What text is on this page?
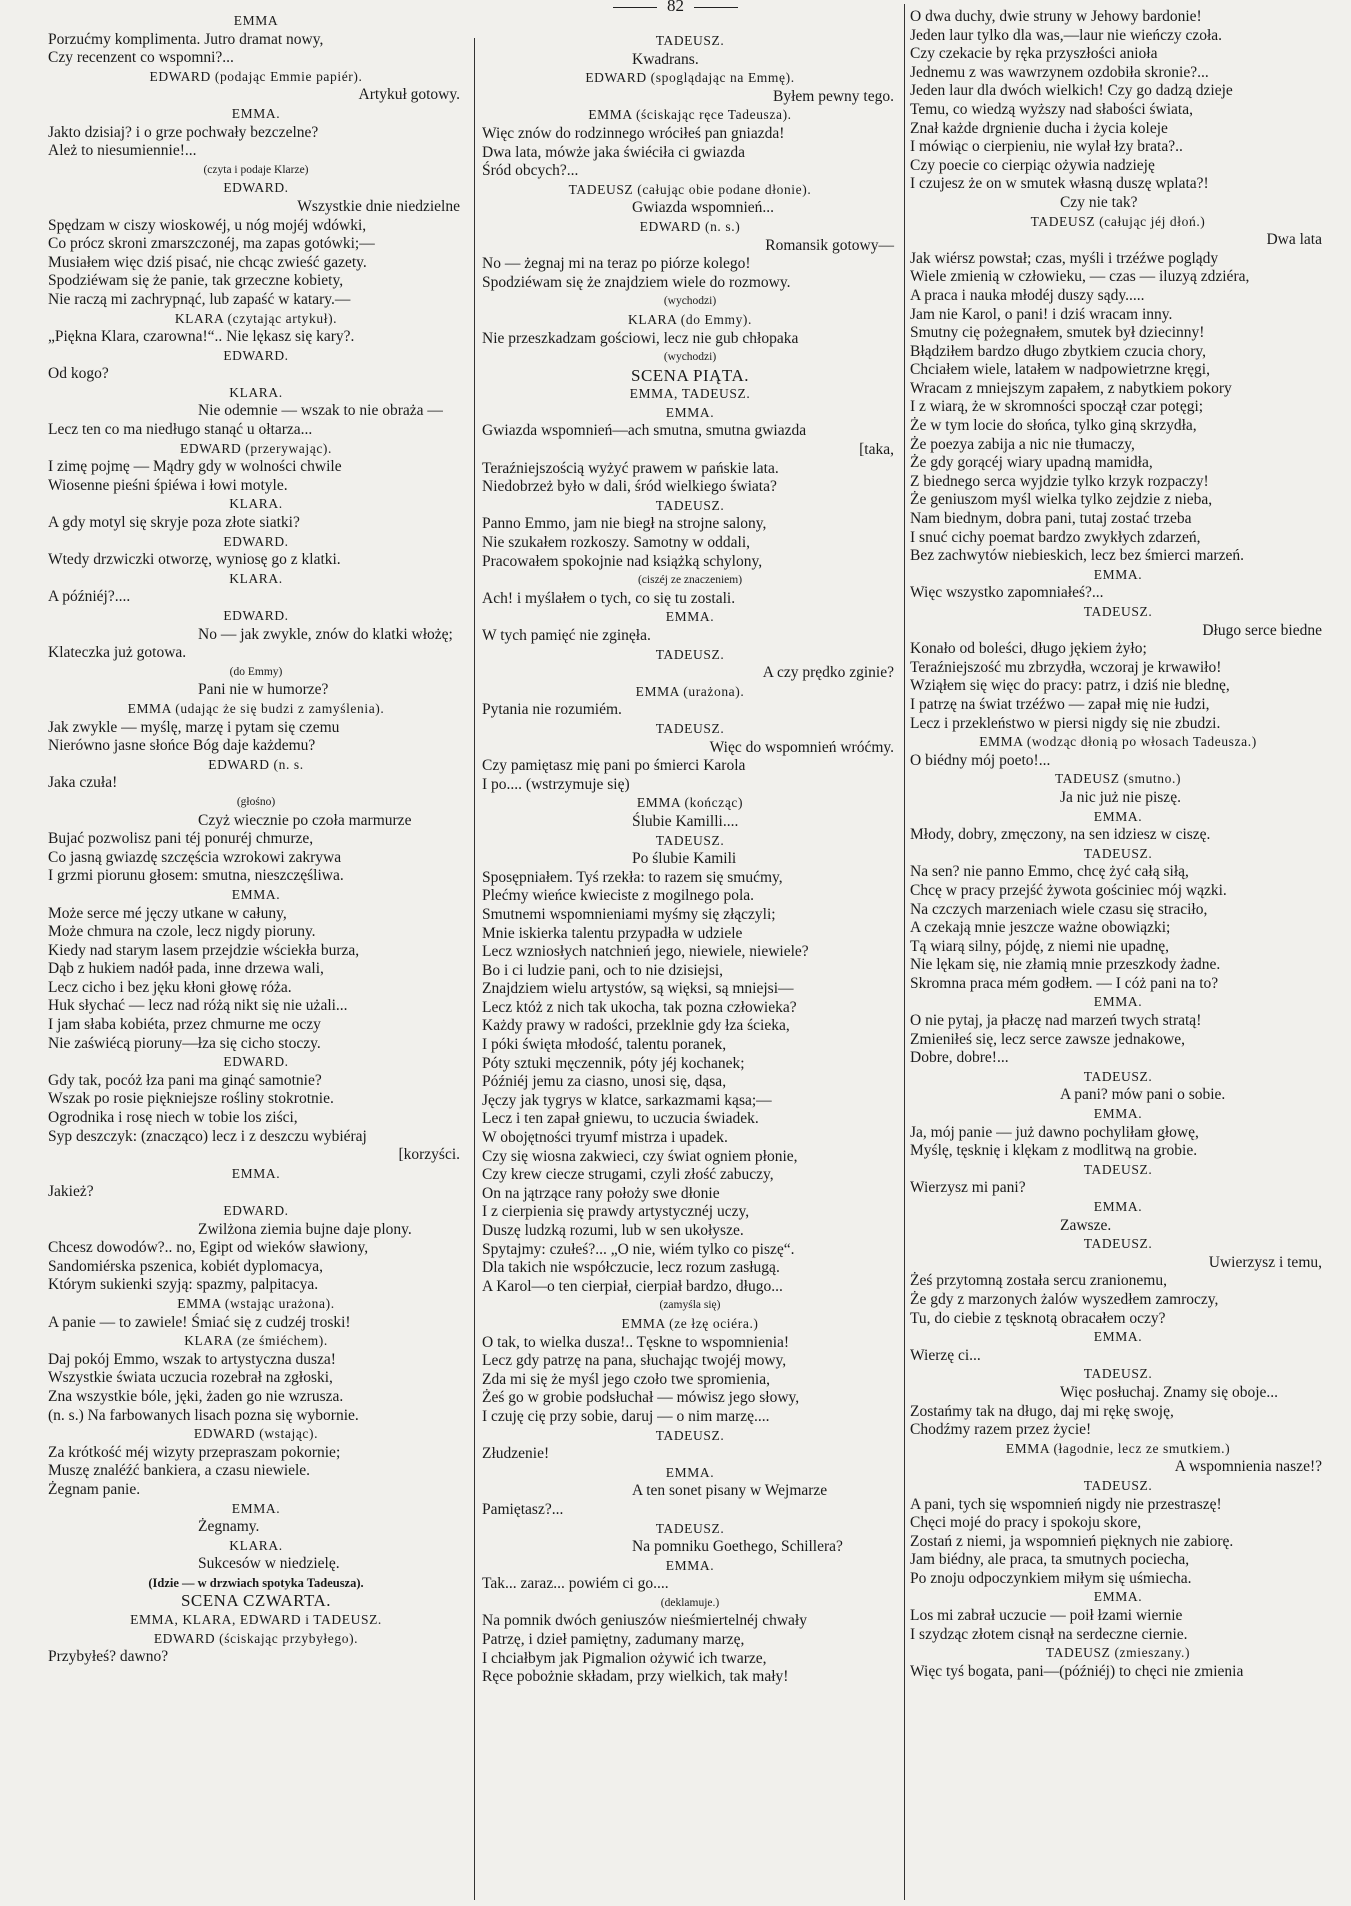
82
EMMA
Porzućmy komplimenta. Jutro dramat nowy,
Czy recenzent co wspomni?...
EDWARD (podając Emmie papiér).
Artykuł gotowy.
EMMA.
Jakto dzisiaj? i o grze pochwały bezczelne?
Ależ to niesumiennie!...
(czyta i podaje Klarze)
EDWARD.
Wszystkie dnie niedzielne
Spędzam w ciszy wioskowéj, u nóg mojéj wdówki,
Co prócz skroni zmarszczonéj, ma zapas gotówki;—
Musiałem więc dziś pisać, nie chcąc zwieść gazety.
Spodziéwam się że panie, tak grzeczne kobiety,
Nie raczą mi zachrypnąć, lub zapaść w katary.—
KLARA (czytając artykuł).
„Piękna Klara, czarowna!“.. Nie lękasz się kary?.
EDWARD.
Od kogo?
KLARA.
Nie odemnie — wszak to nie obraża —
Lecz ten co ma niedługo stanąć u ołtarza...
EDWARD (przerywając).
I zimę pojmę — Mądry gdy w wolności chwile
Wiosenne pieśni śpiéwa i łowi motyle.
KLARA.
A gdy motyl się skryje poza złote siatki?
EDWARD.
Wtedy drzwiczki otworzę, wyniosę go z klatki.
KLARA.
A późniéj?....
EDWARD.
No — jak zwykle, znów do klatki włożę;
Klateczka już gotowa.
(do Emmy)
Pani nie w humorze?
EMMA (udając że się budzi z zamyślenia).
Jak zwykle — myślę, marzę i pytam się czemu
Nierówno jasne słońce Bóg daje każdemu?
EDWARD (n. s.
Jaka czuła!
(głośno)
Czyż wiecznie po czoła marmurze
Bujać pozwolisz pani téj ponuréj chmurze,
Co jasną gwiazdę szczęścia wzrokowi zakrywa
I grzmi piorunu głosem: smutna, nieszczęśliwa.
EMMA.
Może serce mé jęczy utkane w całuny,
Może chmura na czole, lecz nigdy pioruny.
Kiedy nad starym lasem przejdzie wściekła burza,
Dąb z hukiem nadół pada, inne drzewa wali,
Lecz cicho i bez jęku kłoni głowę róża.
Huk słychać — lecz nad różą nikt się nie użali...
I jam słaba kobiéta, przez chmurne me oczy
Nie zaświécą pioruny—łza się cicho stoczy.
EDWARD.
Gdy tak, pocóż łza pani ma ginąć samotnie?
Wszak po rosie piękniejsze rośliny stokrotnie.
Ogrodnika i rosę niech w tobie los ziści,
Syp deszczyk: (znacząco) lecz i z deszczu wybiéraj
[korzyści.
EMMA.
Jakież?
EDWARD.
Zwilżona ziemia bujne daje plony.
Chcesz dowodów?.. no, Egipt od wieków sławiony,
Sandomiérska pszenica, kobiét dyplomacya,
Którym sukienki szyją: spazmy, palpitacya.
EMMA (wstając urażona).
A panie — to zawiele! Śmiać się z cudzéj troski!
KLARA (ze śmiéchem).
Daj pokój Emmo, wszak to artystyczna dusza!
Wszystkie świata uczucia rozebrał na zgłoski,
Zna wszystkie bóle, jęki, żaden go nie wzrusza.
(n. s.) Na farbowanych lisach pozna się wybornie.
EDWARD (wstając).
Za krótkość méj wizyty przepraszam pokornie;
Muszę znaléźć bankiera, a czasu niewiele.
Żegnam panie.
EMMA.
Żegnamy.
KLARA.
Sukcesów w niedzielę.
(Idzie — w drzwiach spotyka Tadeusza).
SCENA CZWARTA.
EMMA, KLARA, EDWARD i TADEUSZ.
EDWARD (ściskając przybyłego).
Przybyłeś? dawno?
TADEUSZ.
Kwadrans.
EDWARD (spoglądając na Emmę).
Byłem pewny tego.
EMMA (ściskając ręce Tadeusza).
Więc znów do rodzinnego wróciłeś pan gniazda!
Dwa lata, mówże jaka świéciła ci gwiazda
Śród obcych?...
TADEUSZ (całując obie podane dłonie).
Gwiazda wspomnień...
EDWARD (n. s.)
Romansik gotowy—
No — żegnaj mi na teraz po piórze kolego!
Spodziéwam się że znajdziem wiele do rozmowy.
(wychodzi)
KLARA (do Emmy).
Nie przeszkadzam gościowi, lecz nie gub chłopaka
(wychodzi)
SCENA PIĄTA.
EMMA, TADEUSZ.
EMMA.
Gwiazda wspomnień—ach smutna, smutna gwiazda
[taka,
Teraźniejszością wyżyć prawem w pańskie lata.
Niedobrzeż było w dali, śród wielkiego świata?
TADEUSZ.
Panno Emmo, jam nie biegł na strojne salony,
Nie szukałem rozkoszy. Samotny w oddali,
Pracowałem spokojnie nad książką schylony,
(ciszéj ze znaczeniem)
Ach! i myślałem o tych, co się tu zostali.
EMMA.
W tych pamięć nie zginęła.
TADEUSZ.
A czy prędko zginie?
EMMA (urażona).
Pytania nie rozumiém.
TADEUSZ.
Więc do wspomnień wróćmy.
Czy pamiętasz mię pani po śmierci Karola
I po.... (wstrzymuje się)
EMMA (kończąc)
Ślubie Kamilli....
TADEUSZ.
Po ślubie Kamili
Sposępniałem. Tyś rzekła: to razem się smućmy,
Plećmy wieńce kwieciste z mogilnego pola.
Smutnemi wspomnieniami myśmy się złączyli;
Mnie iskierka talentu przypadła w udziele
Lecz wzniosłych natchnień jego, niewiele, niewiele?
Bo i ci ludzie pani, och to nie dzisiejsi,
Znajdziem wielu artystów, są więksi, są mniejsi—
Lecz któż z nich tak ukocha, tak pozna człowieka?
Każdy prawy w radości, przeklnie gdy łza ścieka,
I póki święta młodość, talentu poranek,
Póty sztuki męczennik, póty jéj kochanek;
Późniéj jemu za ciasno, unosi się, dąsa,
Jęczy jak tygrys w klatce, sarkazmami kąsa;—
Lecz i ten zapał gniewu, to uczucia świadek.
W obojętności tryumf mistrza i upadek.
Czy się wiosna zakwieci, czy świat ogniem płonie,
Czy krew ciecze strugami, czyli złość zabuczy,
On na jątrzące rany położy swe dłonie
I z cierpienia się prawdy artystycznéj uczy,
Duszę ludzką rozumi, lub w sen ukołysze.
Spytajmy: czułeś?... „O nie, wiém tylko co piszę“.
Dla takich nie współczucie, lecz rozum zasługą.
A Karol—o ten cierpiał, cierpiał bardzo, długo...
(zamyśla się)
EMMA (ze łzę ociéra.)
O tak, to wielka dusza!.. Tęskne to wspomnienia!
Lecz gdy patrzę na pana, słuchając twojéj mowy,
Zda mi się że myśl jego czoło twe spromienia,
Żeś go w grobie podsłuchał — mówisz jego słowy,
I czuję cię przy sobie, daruj — o nim marzę....
TADEUSZ.
Złudzenie!
EMMA.
A ten sonet pisany w Wejmarze
Pamiętasz?...
TADEUSZ.
Na pomniku Goethego, Schillera?
EMMA.
Tak... zaraz... powiém ci go....
(deklamuje.)
Na pomnik dwóch geniuszów nieśmiertelnéj chwały
Patrzę, i dzieł pamiętny, zadumany marzę,
I chciałbym jak Pigmalion ożywić ich twarze,
Ręce pobożnie składam, przy wielkich, tak mały!
O dwa duchy, dwie struny w Jehowy bardonie!
Jeden laur tylko dla was,—laur nie wieńczy czoła.
Czy czekacie by ręka przyszłości anioła
Jednemu z was wawrzynem ozdobiła skronie?...
Jeden laur dla dwóch wielkich! Czy go dadzą dzieje
Temu, co wiedzą wyższy nad słabości świata,
Znał każde drgnienie ducha i życia koleje
I mówiąc o cierpieniu, nie wylał łzy brata?..
Czy poecie co cierpiąc ożywia nadzieję
I czujesz że on w smutek własną duszę wplata?!
Czy nie tak?
TADEUSZ (całując jéj dłoń.)
Dwa lata
Jak wiérsz powstał; czas, myśli i trzéźwe poglądy
Wiele zmienią w człowieku, — czas — iluzyą zdziéra,
A praca i nauka młodéj duszy sądy.....
Jam nie Karol, o pani! i dziś wracam inny.
Smutny cię pożegnałem, smutek był dziecinny!
Błądziłem bardzo długo zbytkiem czucia chory,
Chciałem wiele, latałem w nadpowietrzne kręgi,
Wracam z mniejszym zapałem, z nabytkiem pokory
I z wiarą, że w skromności spoczął czar potęgi;
Że w tym locie do słońca, tylko giną skrzydła,
Że poezya zabija a nic nie tłumaczy,
Że gdy gorącéj wiary upadną mamidła,
Z biednego serca wyjdzie tylko krzyk rozpaczy!
Że geniuszom myśl wielka tylko zejdzie z nieba,
Nam biednym, dobra pani, tutaj zostać trzeba
I snuć cichy poemat bardzo zwykłych zdarzeń,
Bez zachwytów niebieskich, lecz bez śmierci marzeń.
EMMA.
Więc wszystko zapomniałeś?...
TADEUSZ.
Długo serce biedne
Konało od boleści, długo jękiem żyło;
Teraźniejszość mu zbrzydła, wczoraj je krwawiło!
Wziąłem się więc do pracy: patrz, i dziś nie blednę,
I patrzę na świat trzéźwo — zapał mię nie łudzi,
Lecz i przekleństwo w piersi nigdy się nie zbudzi.
EMMA (wodząc dłonią po włosach Tadeusza.)
O biédny mój poeto!...
TADEUSZ (smutno.)
Ja nic już nie piszę.
EMMA.
Młody, dobry, zmęczony, na sen idziesz w ciszę.
TADEUSZ.
Na sen? nie panno Emmo, chcę żyć całą siłą,
Chcę w pracy przejść żywota gościniec mój wązki.
Na czczych marzeniach wiele czasu się straciło,
A czekają mnie jeszcze ważne obowiązki;
Tą wiarą silny, pójdę, z niemi nie upadnę,
Nie lękam się, nie złamią mnie przeszkody żadne.
Skromna praca mém godłem. — I cóż pani na to?
EMMA.
O nie pytaj, ja płaczę nad marzeń twych stratą!
Zmieniłeś się, lecz serce zawsze jednakowe,
Dobre, dobre!...
TADEUSZ.
A pani? mów pani o sobie.
EMMA.
Ja, mój panie — już dawno pochyliłam głowę,
Myślę, tęsknię i klękam z modlitwą na grobie.
TADEUSZ.
Wierzysz mi pani?
EMMA.
Zawsze.
TADEUSZ.
Uwierzysz i temu,
Żeś przytomną została sercu zranionemu,
Że gdy z marzonych żalów wyszedłem zamroczy,
Tu, do ciebie z tęsknotą obracałem oczy?
EMMA.
Wierzę ci...
TADEUSZ.
Więc posłuchaj. Znamy się oboje...
Zostańmy tak na długo, daj mi rękę swoję,
Chodźmy razem przez życie!
EMMA (łagodnie, lecz ze smutkiem.)
A wspomnienia nasze!?
TADEUSZ.
A pani, tych się wspomnień nigdy nie przestraszę!
Chęci mojé do pracy i spokoju skore,
Zostań z niemi, ja wspomnień pięknych nie zabiorę.
Jam biédny, ale praca, ta smutnych pociecha,
Po znoju odpoczynkiem miłym się uśmiecha.
EMMA.
Los mi zabrał uczucie — poił łzami wiernie
I szydząc złotem cisnął na serdeczne ciernie.
TADEUSZ (zmieszany.)
Więc tyś bogata, pani—(późniéj) to chęci nie zmienia
